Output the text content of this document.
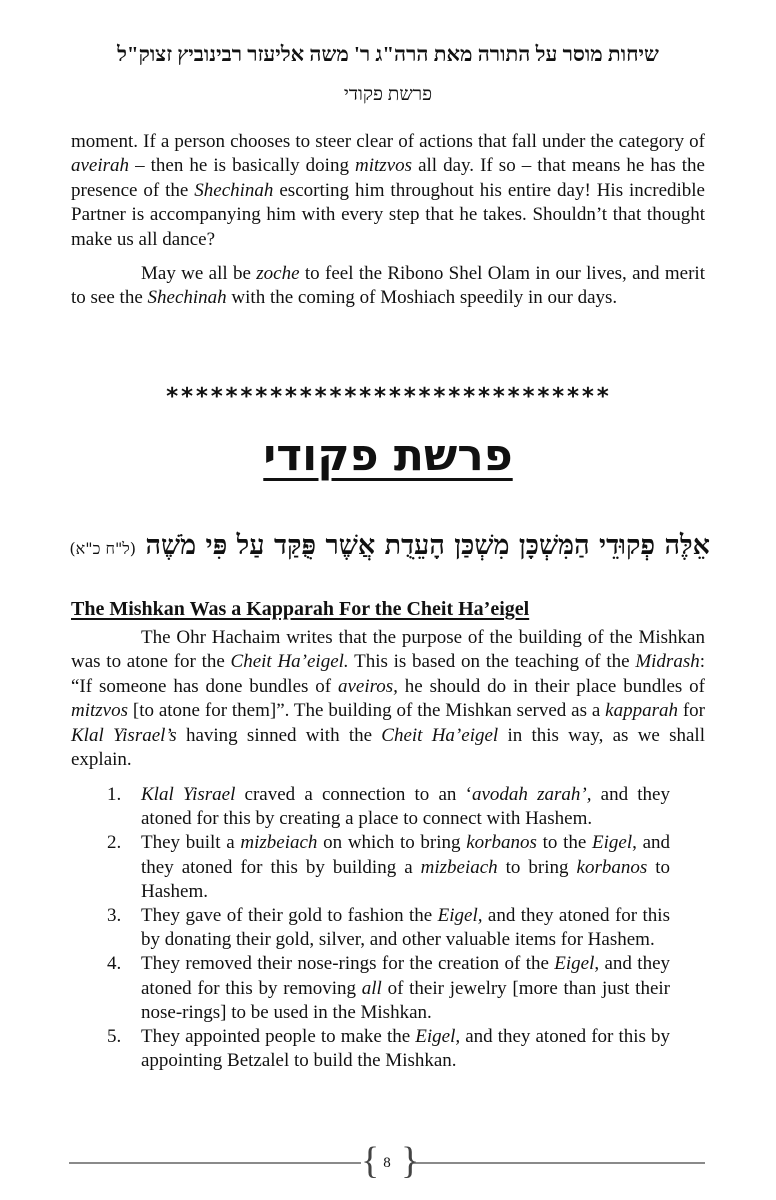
שיחות מוסר על התורה מאת הרה"ג ר' משה אליעזר רבינוביץ זצוק"ל
פרשת פקודי
moment. If a person chooses to steer clear of actions that fall under the category of aveirah – then he is basically doing mitzvos all day. If so – that means he has the presence of the Shechinah escorting him throughout his entire day! His incredible Partner is accompanying him with every step that he takes. Shouldn’t that thought make us all dance?
May we all be zoche to feel the Ribono Shel Olam in our lives, and merit to see the Shechinah with the coming of Moshiach speedily in our days.
******************************
פרשת פקודי
אֵלֶּה פְקוּדֵי הַמִּשְׁכָּן מִשְׁכַּן הָעֵדֻת אֲשֶׁר פֻּקַּד עַל פִּי מֹשֶׁה (ל"ח כ"א)
The Mishkan Was a Kapparah For the Cheit Ha’eigel
The Ohr Hachaim writes that the purpose of the building of the Mishkan was to atone for the Cheit Ha’eigel. This is based on the teaching of the Midrash: “If someone has done bundles of aveiros, he should do in their place bundles of mitzvos [to atone for them]”. The building of the Mishkan served as a kapparah for Klal Yisrael’s having sinned with the Cheit Ha’eigel in this way, as we shall explain.
1. Klal Yisrael craved a connection to an ‘avodah zarah’, and they atoned for this by creating a place to connect with Hashem.
2. They built a mizbeiach on which to bring korbanos to the Eigel, and they atoned for this by building a mizbeiach to bring korbanos to Hashem.
3. They gave of their gold to fashion the Eigel, and they atoned for this by donating their gold, silver, and other valuable items for Hashem.
4. They removed their nose-rings for the creation of the Eigel, and they atoned for this by removing all of their jewelry [more than just their nose-rings] to be used in the Mishkan.
5. They appointed people to make the Eigel, and they atoned for this by appointing Betzalel to build the Mishkan.
{ 8 }
